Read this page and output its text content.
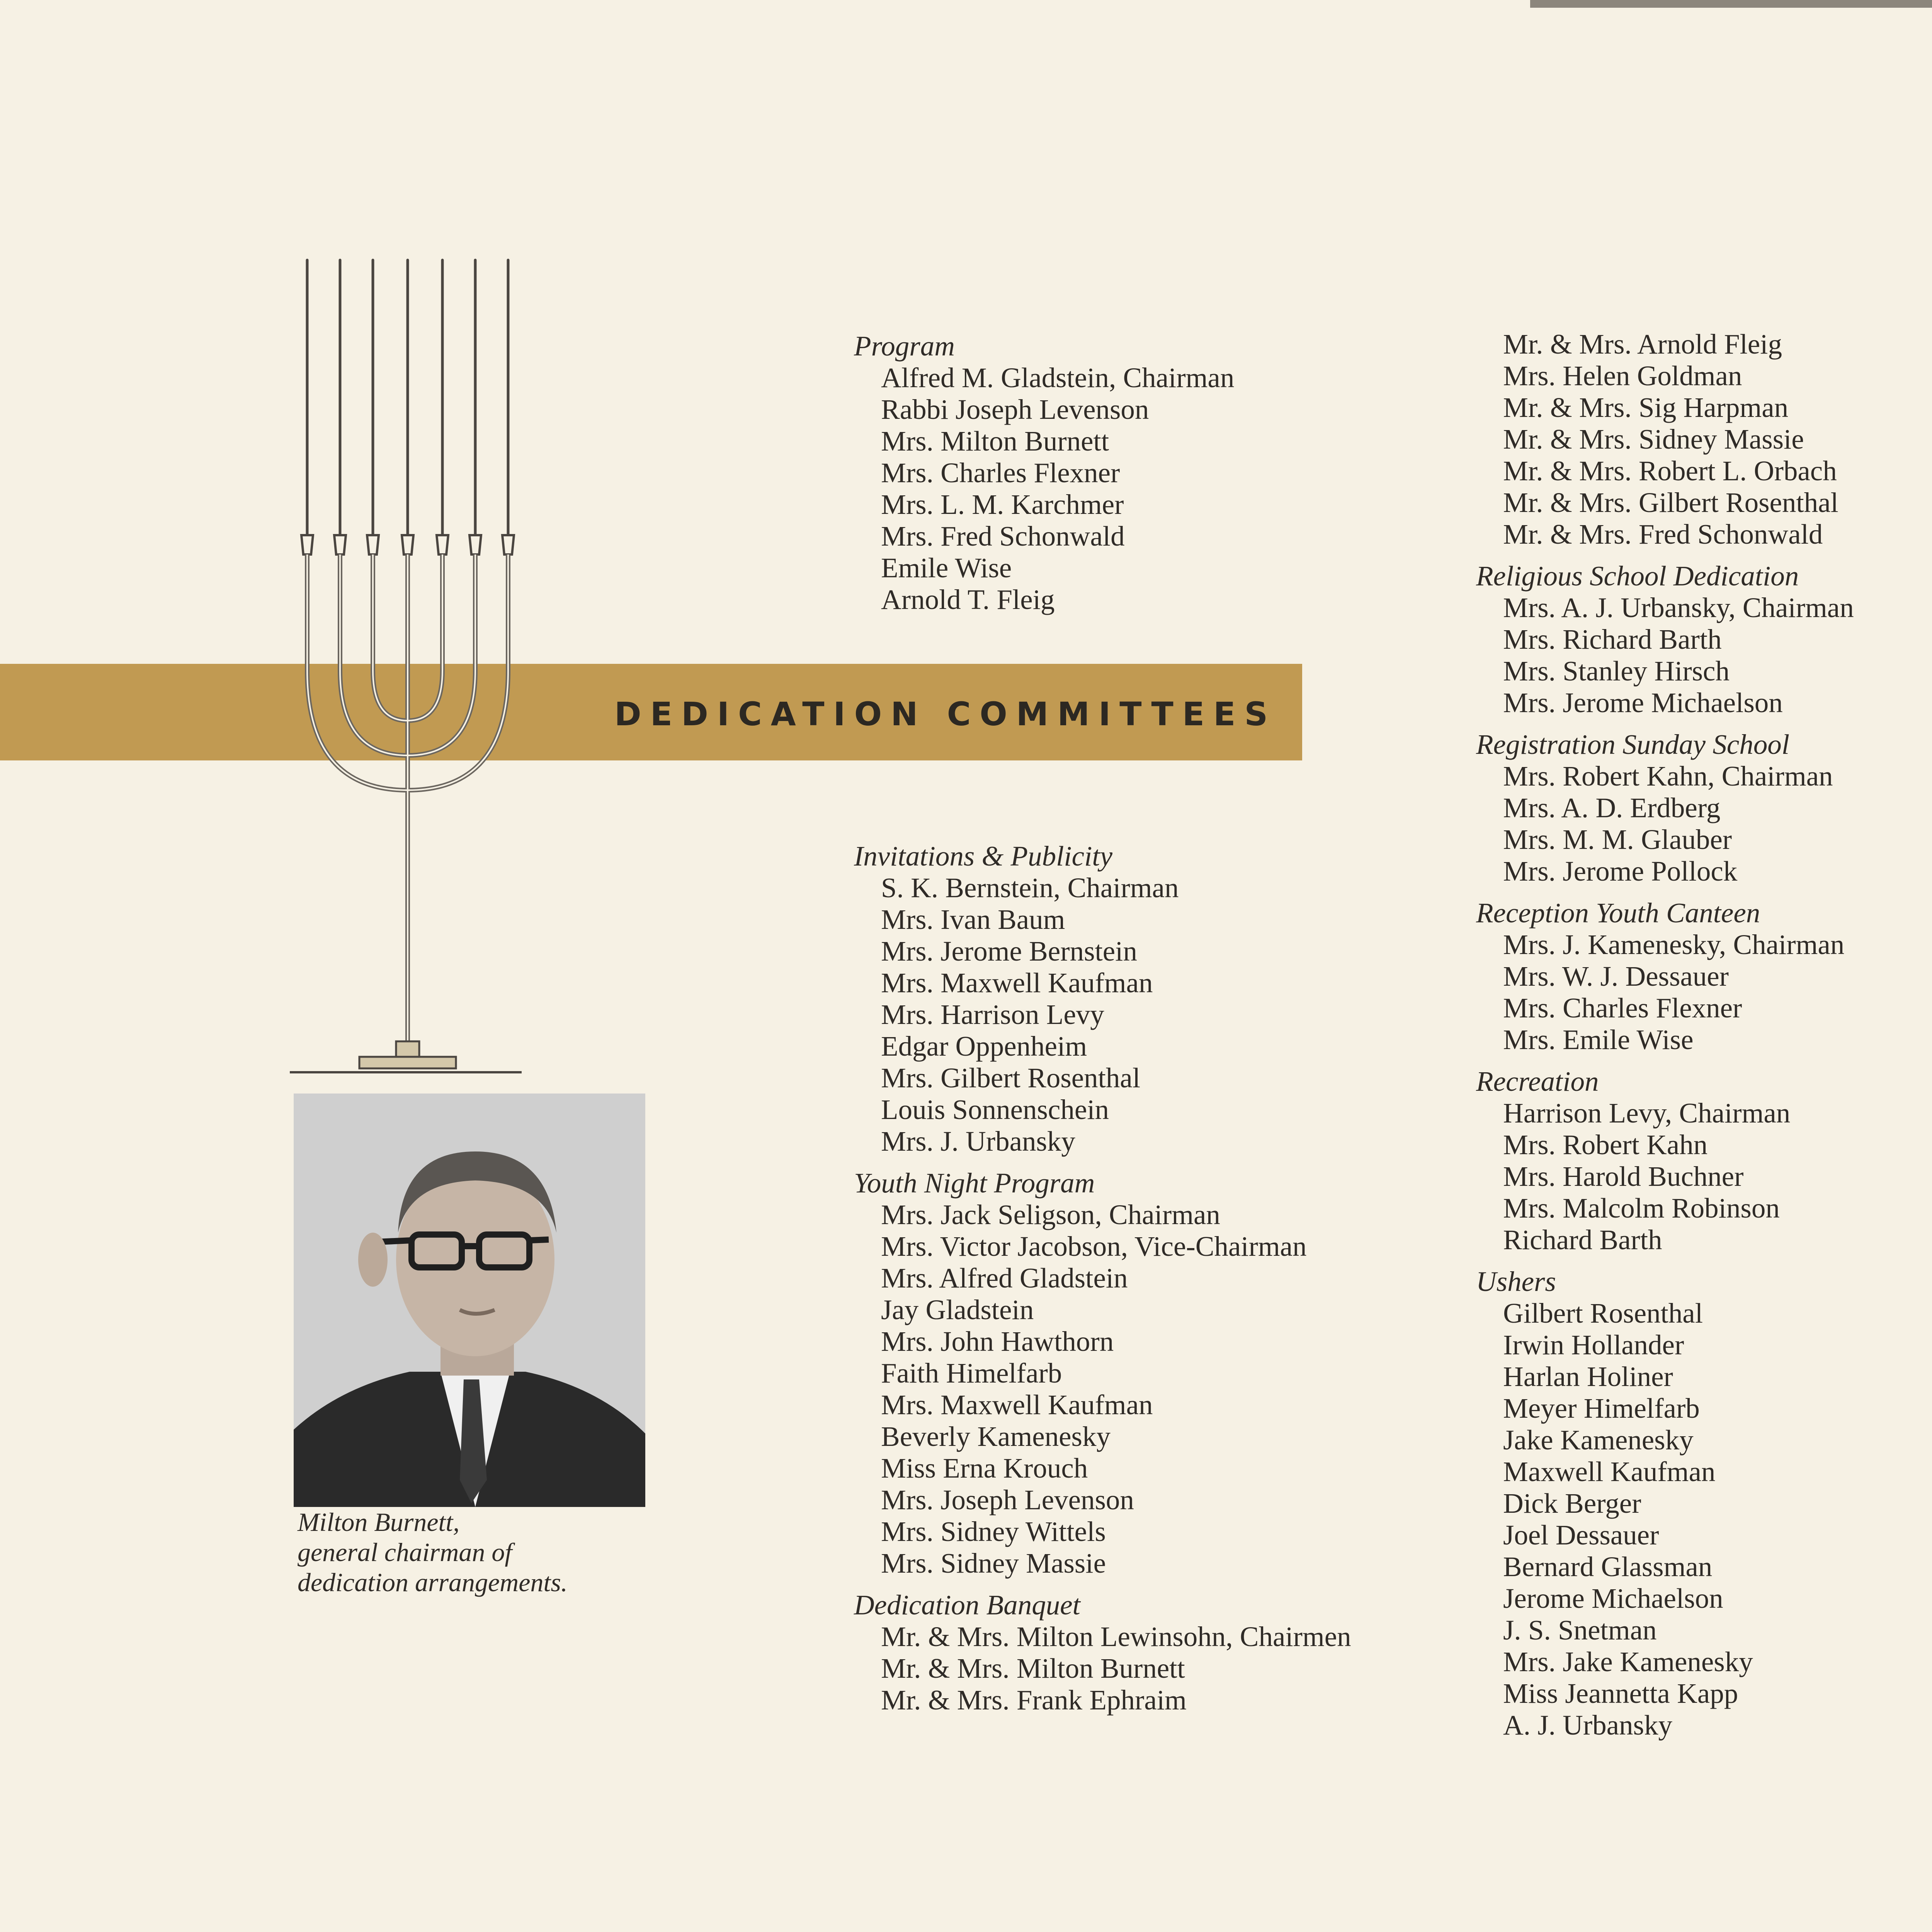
DEDICATION COMMITTEES
Milton Burnett,
general chairman of
dedication arrangements.
Program
Alfred M. Gladstein, Chairman
Rabbi Joseph Levenson
Mrs. Milton Burnett
Mrs. Charles Flexner
Mrs. L. M. Karchmer
Mrs. Fred Schonwald
Emile Wise
Arnold T. Fleig
Invitations & Publicity
S. K. Bernstein, Chairman
Mrs. Ivan Baum
Mrs. Jerome Bernstein
Mrs. Maxwell Kaufman
Mrs. Harrison Levy
Edgar Oppenheim
Mrs. Gilbert Rosenthal
Louis Sonnenschein
Mrs. J. Urbansky
Youth Night Program
Mrs. Jack Seligson, Chairman
Mrs. Victor Jacobson, Vice-Chairman
Mrs. Alfred Gladstein
Jay Gladstein
Mrs. John Hawthorn
Faith Himelfarb
Mrs. Maxwell Kaufman
Beverly Kamenesky
Miss Erna Krouch
Mrs. Joseph Levenson
Mrs. Sidney Wittels
Mrs. Sidney Massie
Dedication Banquet
Mr. & Mrs. Milton Lewinsohn, Chairmen
Mr. & Mrs. Milton Burnett
Mr. & Mrs. Frank Ephraim
Mr. & Mrs. Arnold Fleig
Mrs. Helen Goldman
Mr. & Mrs. Sig Harpman
Mr. & Mrs. Sidney Massie
Mr. & Mrs. Robert L. Orbach
Mr. & Mrs. Gilbert Rosenthal
Mr. & Mrs. Fred Schonwald
Religious School Dedication
Mrs. A. J. Urbansky, Chairman
Mrs. Richard Barth
Mrs. Stanley Hirsch
Mrs. Jerome Michaelson
Registration Sunday School
Mrs. Robert Kahn, Chairman
Mrs. A. D. Erdberg
Mrs. M. M. Glauber
Mrs. Jerome Pollock
Reception Youth Canteen
Mrs. J. Kamenesky, Chairman
Mrs. W. J. Dessauer
Mrs. Charles Flexner
Mrs. Emile Wise
Recreation
Harrison Levy, Chairman
Mrs. Robert Kahn
Mrs. Harold Buchner
Mrs. Malcolm Robinson
Richard Barth
Ushers
Gilbert Rosenthal
Irwin Hollander
Harlan Holiner
Meyer Himelfarb
Jake Kamenesky
Maxwell Kaufman
Dick Berger
Joel Dessauer
Bernard Glassman
Jerome Michaelson
J. S. Snetman
Mrs. Jake Kamenesky
Miss Jeannetta Kapp
A. J. Urbansky
